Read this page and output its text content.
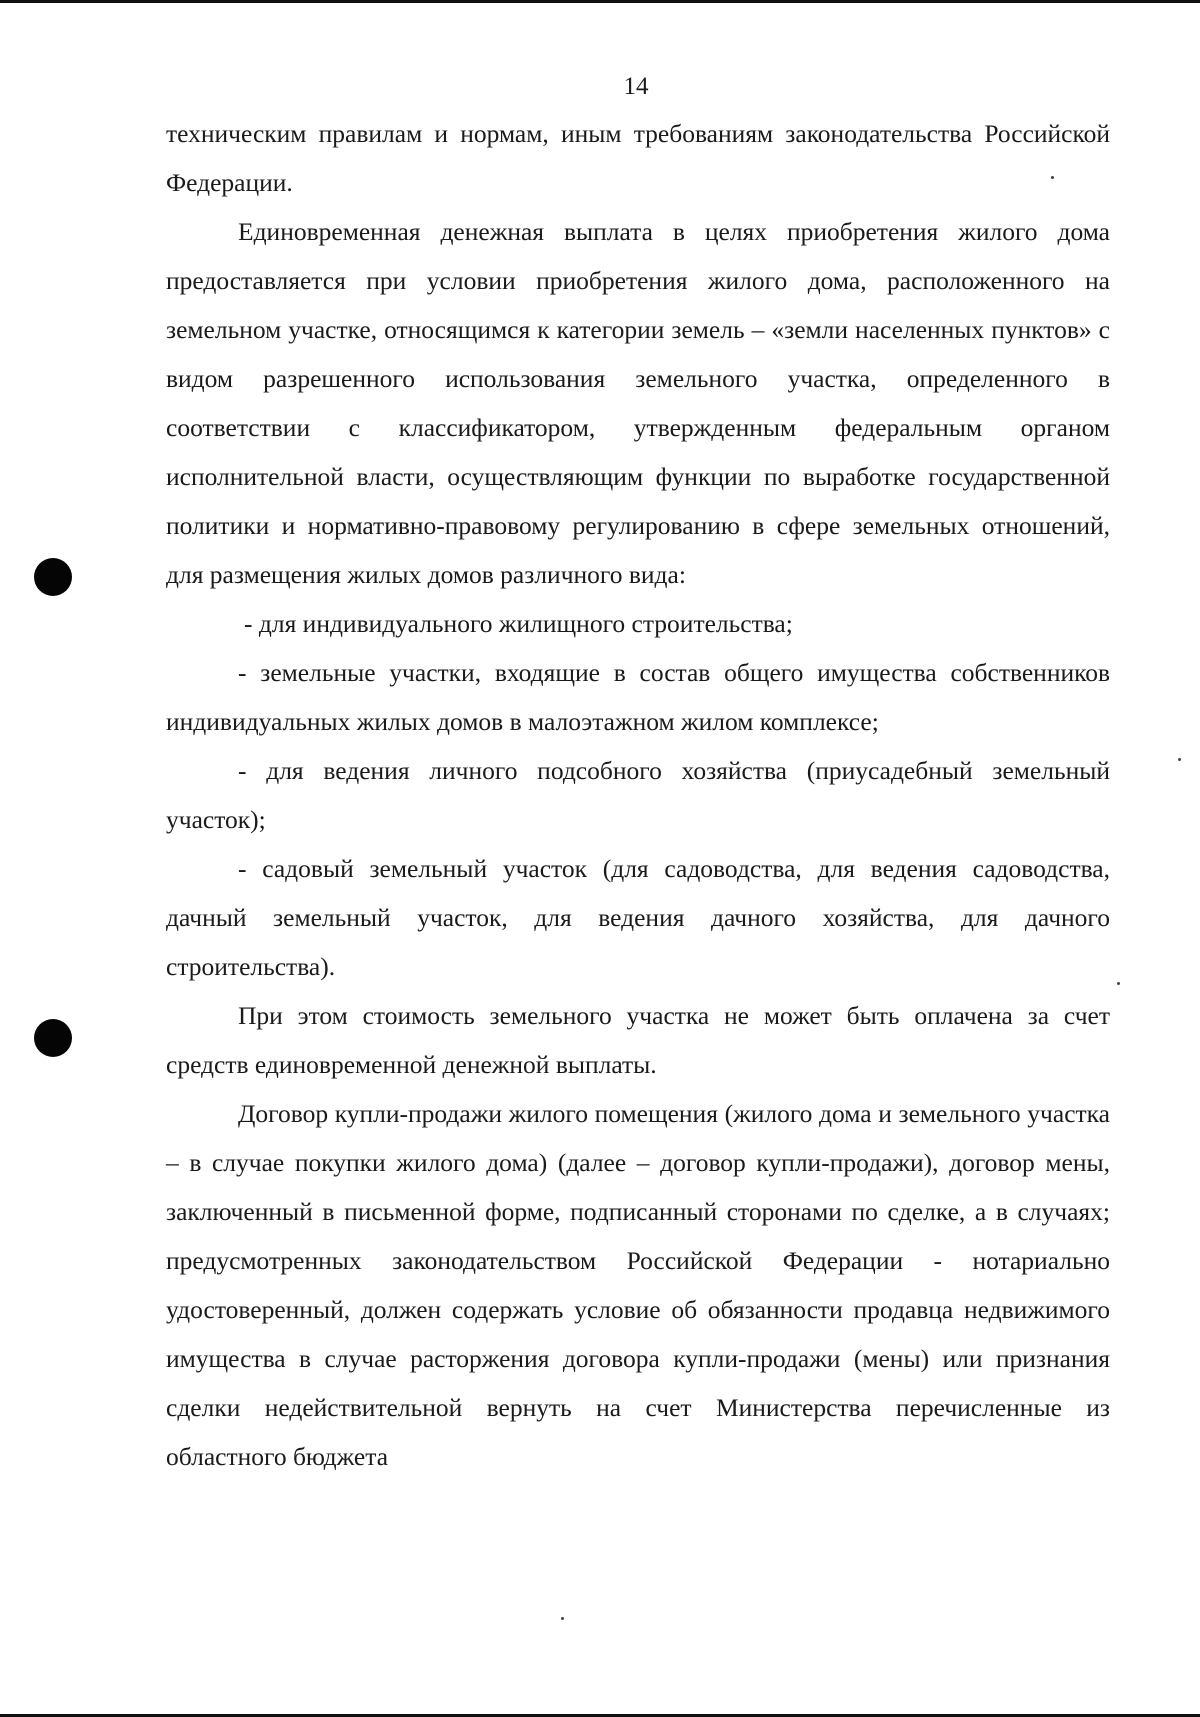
14

техническим правилам и нормам, иным требованиям законодательства Российской Федерации.

Единовременная денежная выплата в целях приобретения жилого дома предоставляется при условии приобретения жилого дома, расположенного на земельном участке, относящимся к категории земель – «земли населенных пунктов» с видом разрешенного использования земельного участка, определенного в соответствии с классификатором, утвержденным федеральным органом исполнительной власти, осуществляющим функции по выработке государственной политики и нормативно-правовому регулированию в сфере земельных отношений, для размещения жилых домов различного вида:

- для индивидуального жилищного строительства;

- земельные участки, входящие в состав общего имущества собственников индивидуальных жилых домов в малоэтажном жилом комплексе;

- для ведения личного подсобного хозяйства (приусадебный земельный участок);

- садовый земельный участок (для садоводства, для ведения садоводства, дачный земельный участок, для ведения дачного хозяйства, для дачного строительства).

При этом стоимость земельного участка не может быть оплачена за счет средств единовременной денежной выплаты.

Договор купли-продажи жилого помещения (жилого дома и земельного участка – в случае покупки жилого дома) (далее – договор купли-продажи), договор мены, заключенный в письменной форме, подписанный сторонами по сделке, а в случаях; предусмотренных законодательством Российской Федерации - нотариально удостоверенный, должен содержать условие об обязанности продавца недвижимого имущества в случае расторжения договора купли-продажи (мены) или признания сделки недействительной вернуть на счет Министерства перечисленные из областного бюджета
